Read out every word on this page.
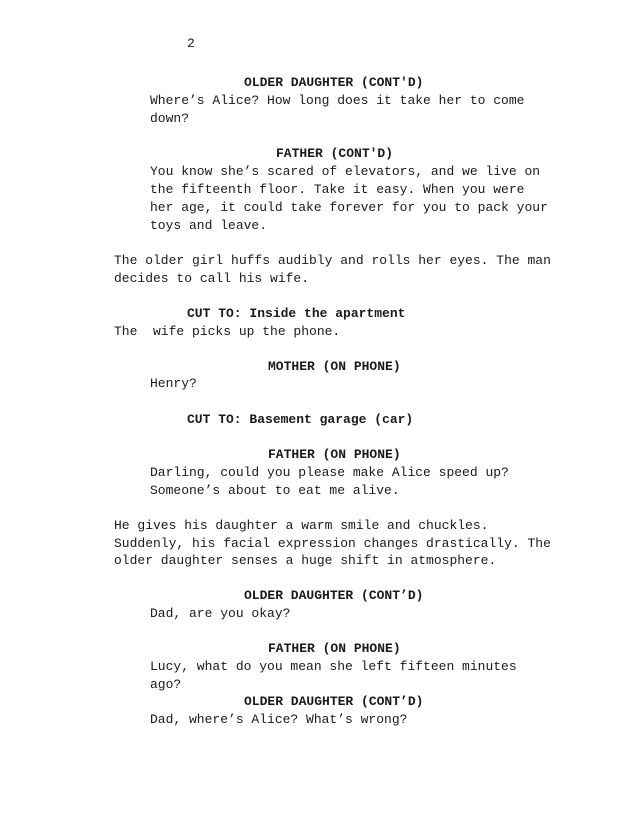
2
OLDER DAUGHTER (CONT'D)
Where’s Alice? How long does it take her to come
down?
FATHER (CONT'D)
You know she’s scared of elevators, and we live on
the fifteenth floor. Take it easy. When you were
her age, it could take forever for you to pack your
toys and leave.
The older girl huffs audibly and rolls her eyes. The man
decides to call his wife.
CUT TO: Inside the apartment
The  wife picks up the phone.
MOTHER (ON PHONE)
Henry?
CUT TO: Basement garage (car)
FATHER (ON PHONE)
Darling, could you please make Alice speed up?
Someone’s about to eat me alive.
He gives his daughter a warm smile and chuckles.
Suddenly, his facial expression changes drastically. The
older daughter senses a huge shift in atmosphere.
OLDER DAUGHTER (CONT’D)
Dad, are you okay?
FATHER (ON PHONE)
Lucy, what do you mean she left fifteen minutes
ago?
OLDER DAUGHTER (CONT’D)
Dad, where’s Alice? What’s wrong?
